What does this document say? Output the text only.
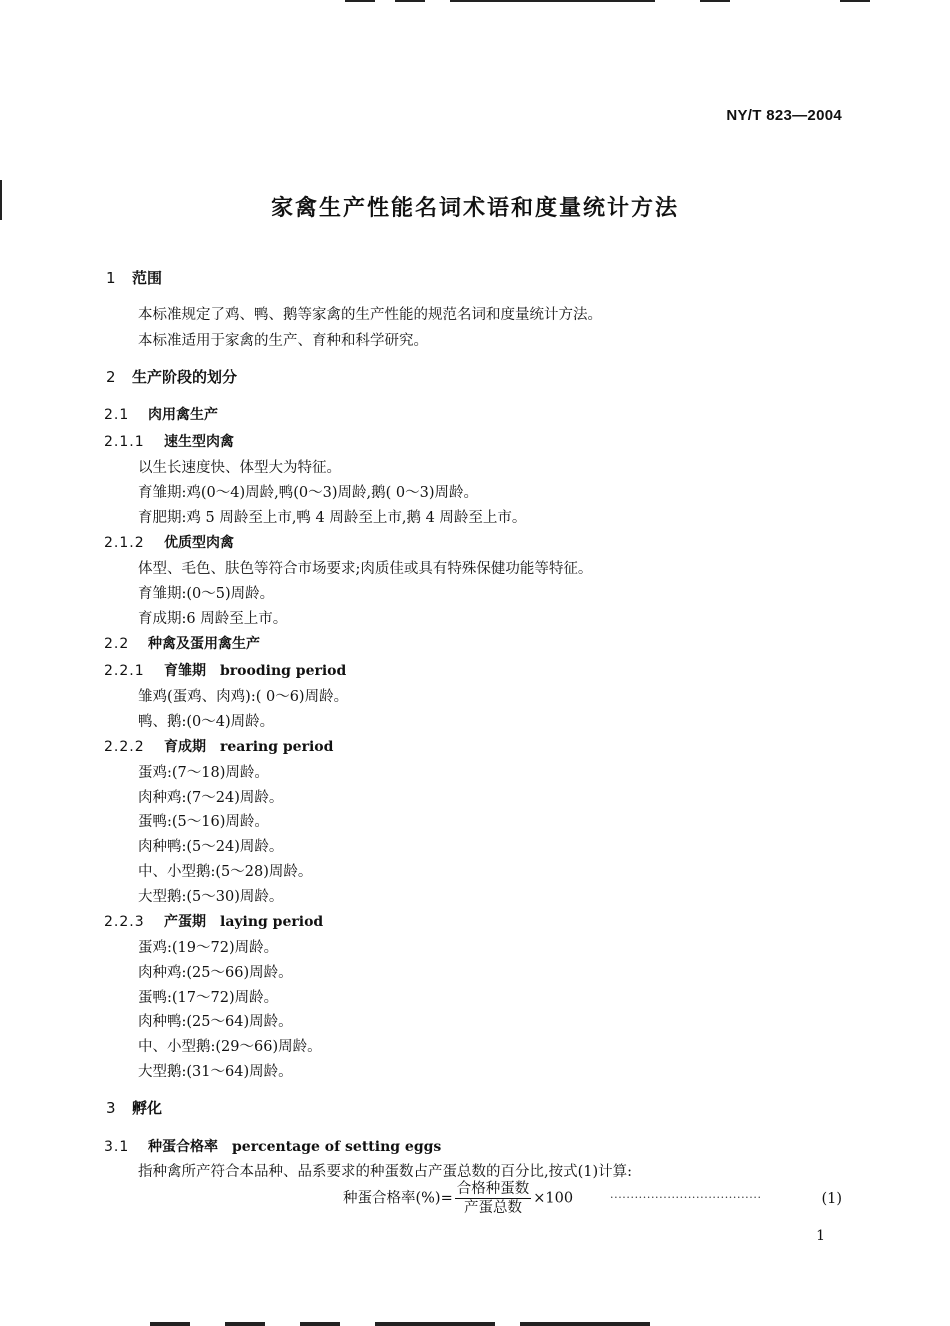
NY/T 823—2004
家禽生产性能名词术语和度量统计方法
1 范围
本标准规定了鸡、鸭、鹅等家禽的生产性能的规范名词和度量统计方法。
本标准适用于家禽的生产、育种和科学研究。
2 生产阶段的划分
2.1 肉用禽生产
2.1.1 速生型肉禽
以生长速度快、体型大为特征。
育雏期:鸡(0～4)周龄,鸭(0～3)周龄,鹅( 0～3)周龄。
育肥期:鸡 5 周龄至上市,鸭 4 周龄至上市,鹅 4 周龄至上市。
2.1.2 优质型肉禽
体型、毛色、肤色等符合市场要求;肉质佳或具有特殊保健功能等特征。
育雏期:(0～5)周龄。
育成期:6 周龄至上市。
2.2 种禽及蛋用禽生产
2.2.1 育雏期 brooding period
雏鸡(蛋鸡、肉鸡):( 0～6)周龄。
鸭、鹅:(0～4)周龄。
2.2.2 育成期 rearing period
蛋鸡:(7～18)周龄。
肉种鸡:(7～24)周龄。
蛋鸭:(5～16)周龄。
肉种鸭:(5～24)周龄。
中、小型鹅:(5～28)周龄。
大型鹅:(5～30)周龄。
2.2.3 产蛋期 laying period
蛋鸡:(19～72)周龄。
肉种鸡:(25～66)周龄。
蛋鸭:(17～72)周龄。
肉种鸭:(25～64)周龄。
中、小型鹅:(29～66)周龄。
大型鹅:(31～64)周龄。
3 孵化
3.1 种蛋合格率 percentage of setting eggs
指种禽所产符合本品种、品系要求的种蛋数占产蛋总数的百分比,按式(1)计算:
种蛋合格率(%)= $\frac{\text{合格种蛋数}}{\text{产蛋总数}} \times 100$	·····································	(1)
1
